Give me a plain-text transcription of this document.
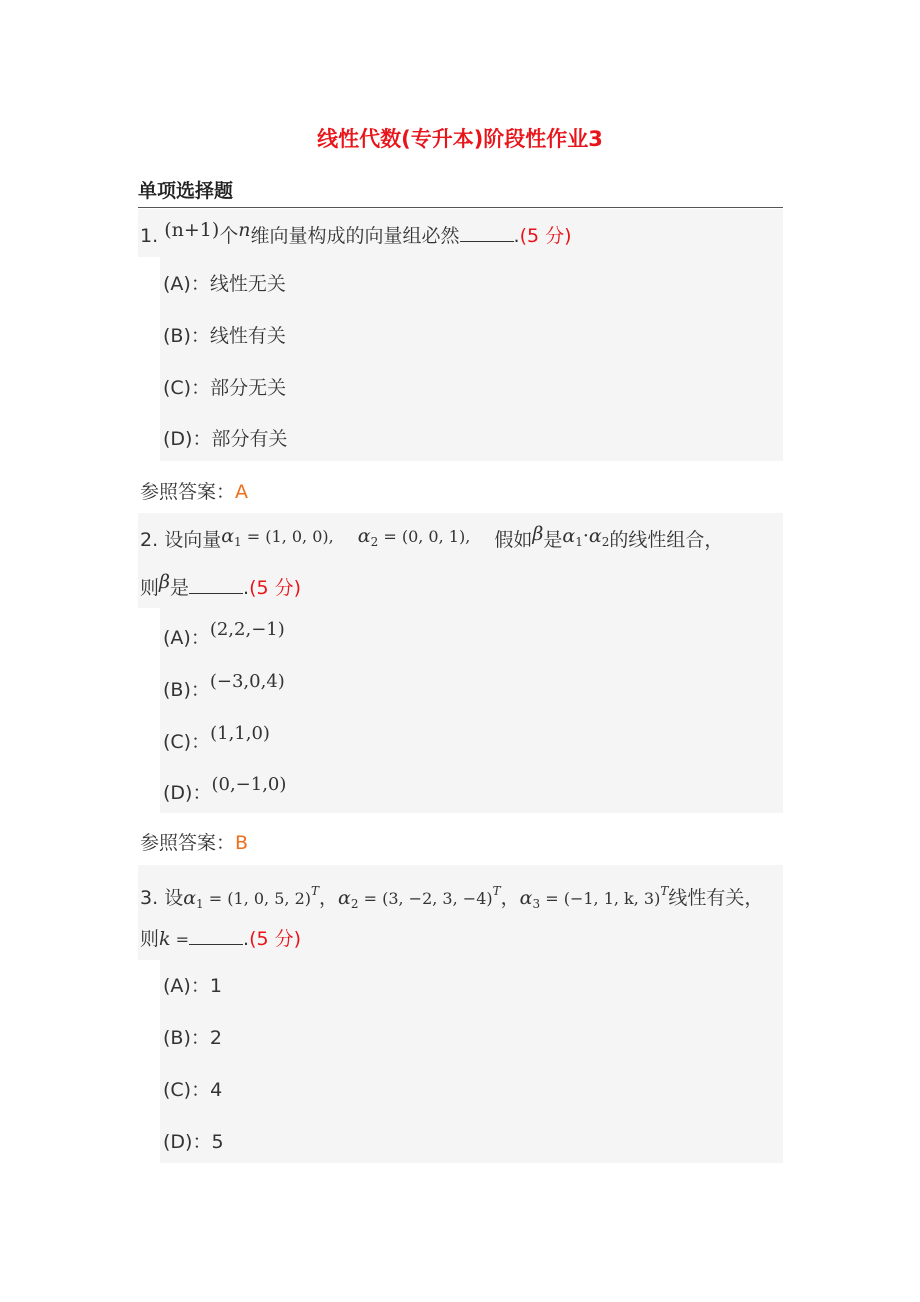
线性代数(专升本)阶段性作业3
单项选择题
1. (n+1)个n维向量构成的向量组必然	.(5 分)
(A)：线性无关
(B)：线性有关
(C)：部分无关
(D)：部分有关
参照答案：A
2. 设向量$\alpha_1 = (1$, 0, 0), $\alpha_2 = (0$, 0, 1), 假如β是$\alpha_1\cdot\alpha_2$的线性组合，
则β是	.(5 分)
(A)：(2,2,−1)
(B)：(−3,0,4)
(C)：(1,1,0)
(D)：(0,−1,0)
参照答案：B
3. 设$\alpha_1 = (1$, 0, 5, 2)$^T$，$\alpha_2 = (3$, −2, 3, −4)$^T$，$\alpha_3 = (-1$, 1, k, 3)$^T$线性有关，
则k =	.(5 分)
(A)：1
(B)：2
(C)：4
(D)：5
